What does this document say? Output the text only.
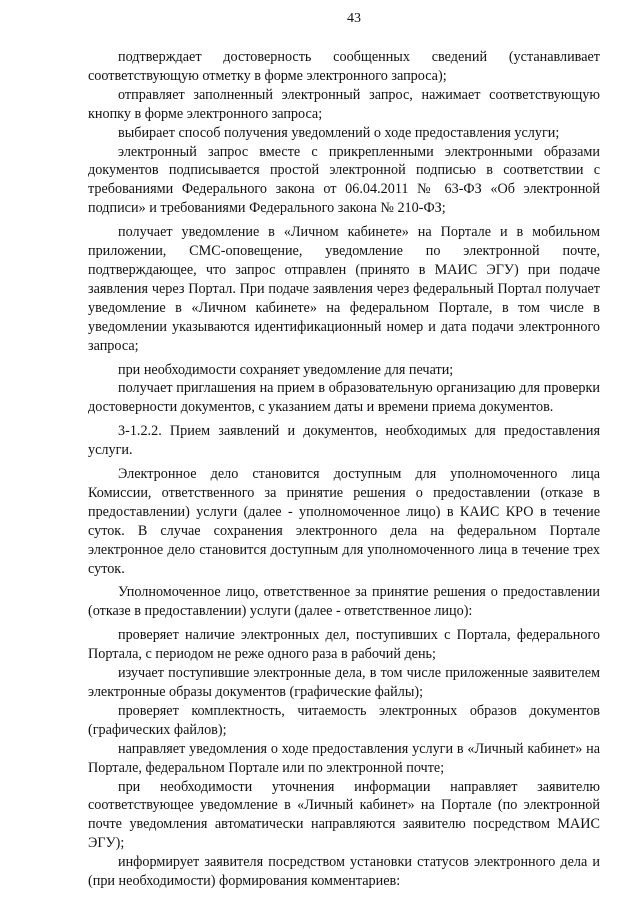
43

подтверждает достоверность сообщенных сведений (устанавливает соответствующую отметку в форме электронного запроса);

отправляет заполненный электронный запрос, нажимает соответствующую кнопку в форме электронного запроса;

выбирает способ получения уведомлений о ходе предоставления услуги;

электронный запрос вместе с прикрепленными электронными образами документов подписывается простой электронной подписью в соответствии с требованиями Федерального закона от 06.04.2011 № 63-ФЗ «Об электронной подписи» и требованиями Федерального закона № 210-ФЗ;

получает уведомление в «Личном кабинете» на Портале и в мобильном приложении, СМС-оповещение, уведомление по электронной почте, подтверждающее, что запрос отправлен (принято в МАИС ЭГУ) при подаче заявления через Портал. При подаче заявления через федеральный Портал получает уведомление в «Личном кабинете» на федеральном Портале, в том числе в уведомлении указываются идентификационный номер и дата подачи электронного запроса;

при необходимости сохраняет уведомление для печати;

получает приглашения на прием в образовательную организацию для проверки достоверности документов, с указанием даты и времени приема документов.

3-1.2.2. Прием заявлений и документов, необходимых для предоставления услуги.

Электронное дело становится доступным для уполномоченного лица Комиссии, ответственного за принятие решения о предоставлении (отказе в предоставлении) услуги (далее - уполномоченное лицо) в КАИС КРО в течение суток. В случае сохранения электронного дела на федеральном Портале электронное дело становится доступным для уполномоченного лица в течение трех суток.

Уполномоченное лицо, ответственное за принятие решения о предоставлении (отказе в предоставлении) услуги (далее - ответственное лицо):

проверяет наличие электронных дел, поступивших с Портала, федерального Портала, с периодом не реже одного раза в рабочий день;

изучает поступившие электронные дела, в том числе приложенные заявителем электронные образы документов (графические файлы);

проверяет комплектность, читаемость электронных образов документов (графических файлов);

направляет уведомления о ходе предоставления услуги в «Личный кабинет» на Портале, федеральном Портале или по электронной почте;

при необходимости уточнения информации направляет заявителю соответствующее уведомление в «Личный кабинет» на Портале (по электронной почте уведомления автоматически направляются заявителю посредством МАИС ЭГУ);

информирует заявителя посредством установки статусов электронного дела и (при необходимости) формирования комментариев:
